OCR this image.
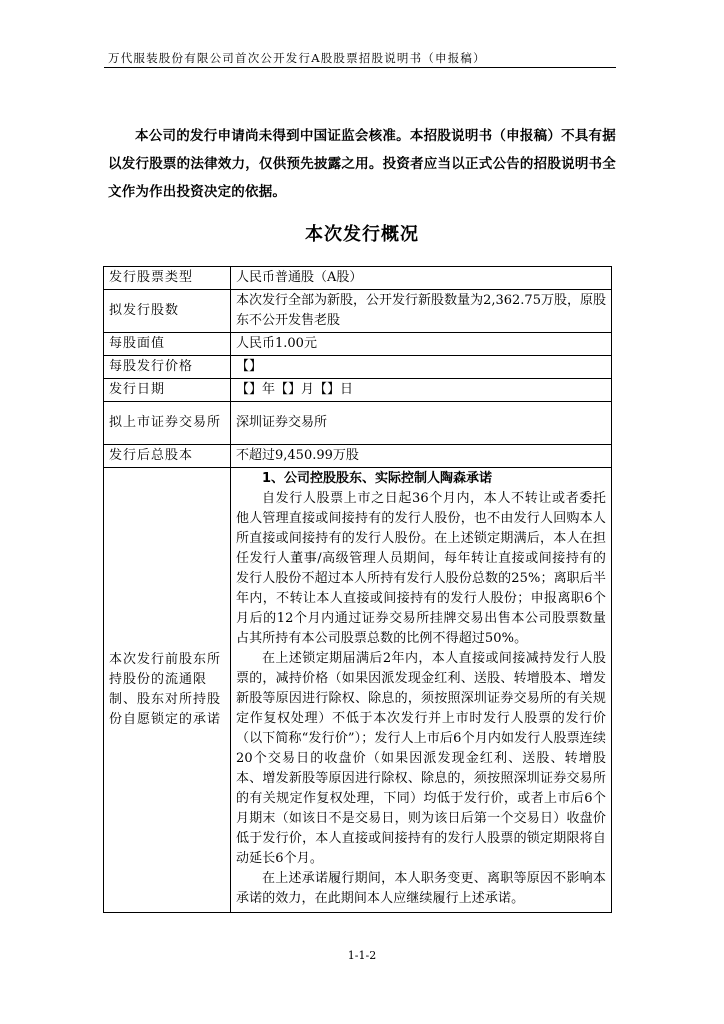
万代服装股份有限公司首次公开发行A股股票招股说明书（申报稿）

本公司的发行申请尚未得到中国证监会核准。本招股说明书（申报稿）不具有据以发行股票的法律效力，仅供预先披露之用。投资者应当以正式公告的招股说明书全文作为作出投资决定的依据。

本次发行概况
发行股票类型	人民币普通股（A股）
拟发行股数	本次发行全部为新股，公开发行新股数量为2,362.75万股，原股东不公开发售老股
每股面值	人民币1.00元
每股发行价格	【】
发行日期	【】年【】月【】日
拟上市证券交易所	深圳证券交易所
发行后总股本	不超过9,450.99万股
本次发行前股东所持股份的流通限制、股东对所持股份自愿锁定的承诺	1、公司控股股东、实际控制人陶森承诺

自发行人股票上市之日起36个月内，本人不转让或者委托他人管理直接或间接持有的发行人股份，也不由发行人回购本人所直接或间接持有的发行人股份。在上述锁定期满后，本人在担任发行人董事/高级管理人员期间，每年转让直接或间接持有的发行人股份不超过本人所持有发行人股份总数的25%；离职后半年内，不转让本人直接或间接持有的发行人股份；申报离职6个月后的12个月内通过证券交易所挂牌交易出售本公司股票数量占其所持有本公司股票总数的比例不得超过50%。

在上述锁定期届满后2年内，本人直接或间接减持发行人股票的，减持价格（如果因派发现金红利、送股、转增股本、增发新股等原因进行除权、除息的，须按照深圳证券交易所的有关规定作复权处理）不低于本次发行并上市时发行人股票的发行价（以下简称“发行价”）；发行人上市后6个月内如发行人股票连续20个交易日的收盘价（如果因派发现金红利、送股、转增股本、增发新股等原因进行除权、除息的，须按照深圳证券交易所的有关规定作复权处理，下同）均低于发行价，或者上市后6个月期末（如该日不是交易日，则为该日后第一个交易日）收盘价低于发行价，本人直接或间接持有的发行人股票的锁定期限将自动延长6个月。

在上述承诺履行期间，本人职务变更、离职等原因不影响本承诺的效力，在此期间本人应继续履行上述承诺。

1-1-2
